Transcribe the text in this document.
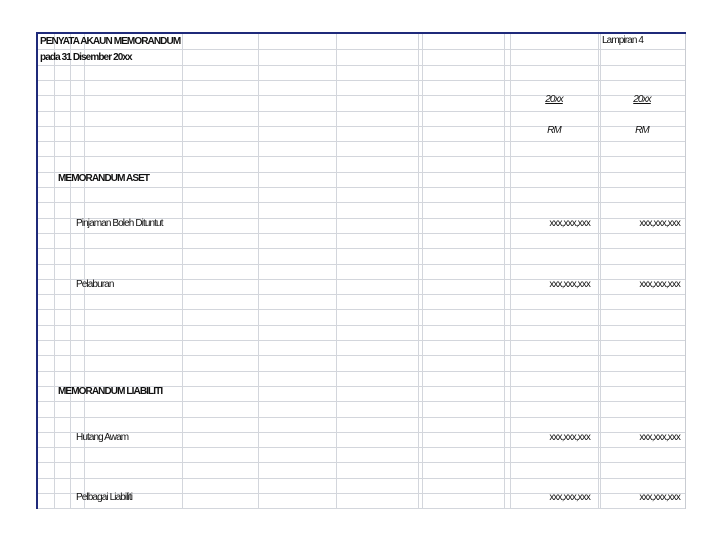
PENYATA AKAUN MEMORANDUM
pada 31 Disember 20xx
Lampiran 4
20xx	20xx
RM	RM
MEMORANDUM ASET
Pinjaman Boleh Dituntut	xxx,xxx,xxx	xxx,xxx,xxx
Pelaburan	xxx,xxx,xxx	xxx,xxx,xxx
MEMORANDUM LIABILITI
Hutang Awam	xxx,xxx,xxx	xxx,xxx,xxx
Pelbagai Liabiliti	xxx,xxx,xxx	xxx,xxx,xxx
